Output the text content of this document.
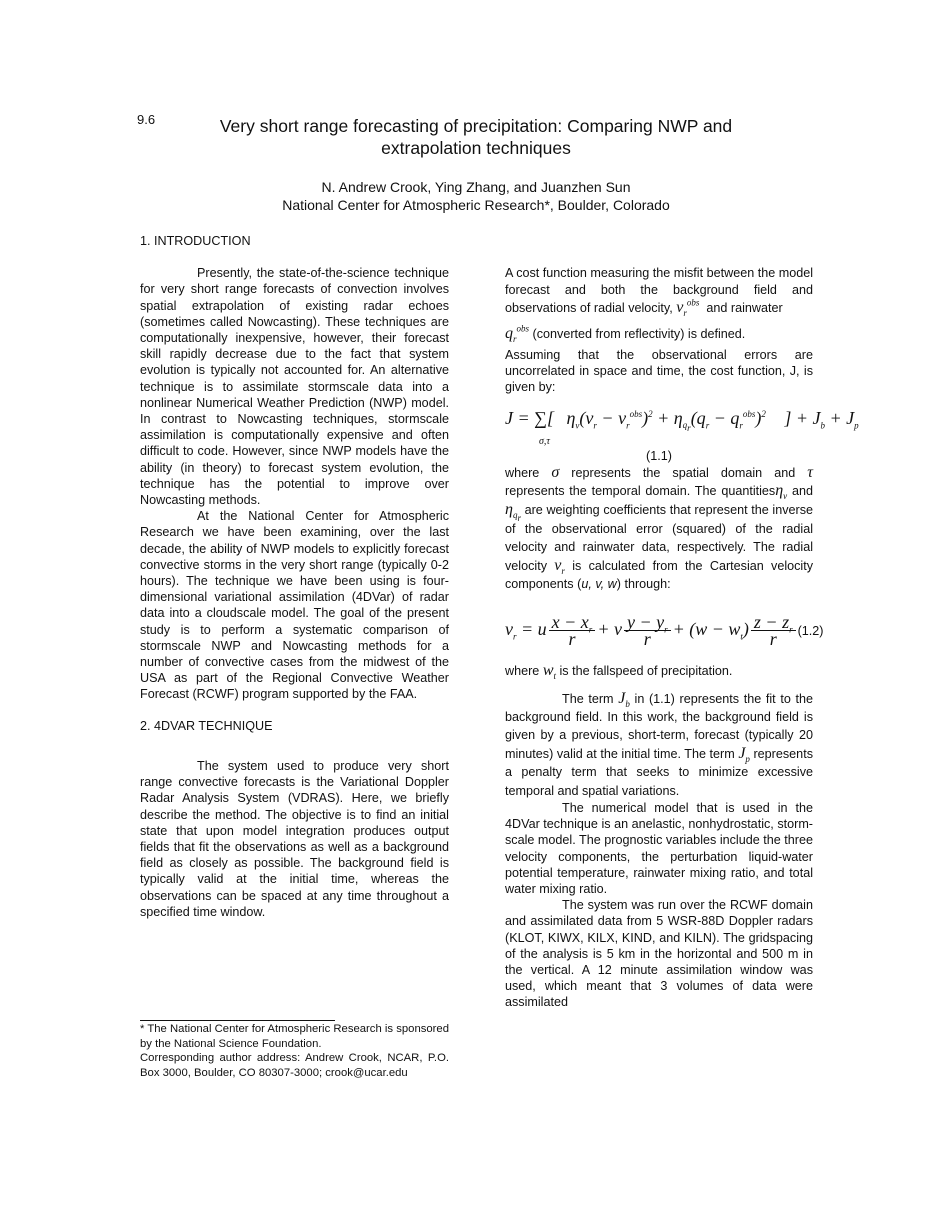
9.6	Very short range forecasting of precipitation: Comparing NWP and extrapolation techniques
N. Andrew Crook, Ying Zhang, and Juanzhen Sun
National Center for Atmospheric Research*, Boulder, Colorado
1. INTRODUCTION

Presently, the state-of-the-science technique for very short range forecasts of convection involves spatial extrapolation of existing radar echoes (sometimes called Nowcasting). These techniques are computationally inexpensive, however, their forecast skill rapidly decrease due to the fact that system evolution is typically not accounted for. An alternative technique is to assimilate stormscale data into a nonlinear Numerical Weather Prediction (NWP) model. In contrast to Nowcasting techniques, stormscale assimilation is computationally expensive and often difficult to code. However, since NWP models have the ability (in theory) to forecast system evolution, the technique has the potential to improve over Nowcasting methods.

At the National Center for Atmospheric Research we have been examining, over the last decade, the ability of NWP models to explicitly forecast convective storms in the very short range (typically 0-2 hours). The technique we have been using is four-dimensional variational assimilation (4DVar) of radar data into a cloudscale model. The goal of the present study is to perform a systematic comparison of stormscale NWP and Nowcasting methods for a number of convective cases from the midwest of the USA as part of the Regional Convective Weather Forecast (RCWF) program supported by the FAA.

2. 4DVAR TECHNIQUE

The system used to produce very short range convective forecasts is the Variational Doppler Radar Analysis System (VDRAS). Here, we briefly describe the method. The objective is to find an initial state that upon model integration produces output fields that fit the observations as well as a background field as closely as possible. The background field is typically valid at the initial time, whereas the observations can be spaced at any time throughout a specified time window.

A cost function measuring the misfit between the model forecast and both the background field and observations of radial velocity, $v_r^{obs}$ and rainwater
$q_r^{obs}$ (converted from reflectivity) is defined.

Assuming that the observational errors are uncorrelated in space and time, the cost function, J, is given by:

J = ∑[ $\eta_v(v_r - v_r^{obs})^2 + \eta_{q_r}(q_r - q_r^{obs})^2$ ] + $J_b + J_p$
σ,τ
(1.1)

where σ represents the spatial domain and τ represents the temporal domain. The quantitiesη$_v$ and $\eta_{q_r}$ are weighting coefficients that represent the inverse of the observational error (squared) of the radial velocity and rainwater data, respectively. The radial velocity $v_r$ is calculated from the Cartesian velocity components (u, v, w) through:

$v_r = u \frac{x - x_r}{r} + v \frac{y - y_r}{r} + (w - w_t) \frac{z - z_r}{r} (1.2)$

where $w_t$ is the fallspeed of precipitation.

The term $J_b$ in (1.1) represents the fit to the background field. In this work, the background field is given by a previous, short-term, forecast (typically 20 minutes) valid at the initial time. The term $J_p$ represents a penalty term that seeks to minimize excessive temporal and spatial variations.

The numerical model that is used in the 4DVar technique is an anelastic, nonhydrostatic, storm-scale model. The prognostic variables include the three velocity components, the perturbation liquid-water potential temperature, rainwater mixing ratio, and total water mixing ratio.

The system was run over the RCWF domain and assimilated data from 5 WSR-88D Doppler radars (KLOT, KIWX, KILX, KIND, and KILN). The gridspacing of the analysis is 5 km in the horizontal and 500 m in the vertical. A 12 minute assimilation window was used, which meant that 3 volumes of data were assimilated

* The National Center for Atmospheric Research is sponsored by the National Science Foundation.
Corresponding author address: Andrew Crook, NCAR, P.O. Box 3000, Boulder, CO 80307-3000; crook@ucar.edu
